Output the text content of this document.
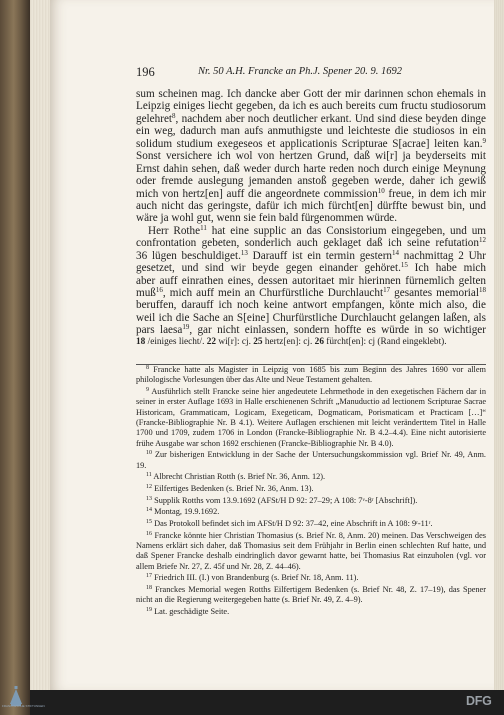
196	Nr. 50 A.H. Francke an Ph.J. Spener 20. 9. 1692
sum scheinen mag. Ich dancke aber Gott der mir darinnen schon ehemals in
Leipzig einiges liecht gegeben, da ich es auch bereits cum fructu studiosorum
gelehret$^8$, nachdem aber noch deutlicher erkant. Und sind diese beyden dinge
ein weg, dadurch man aufs anmuthigste und leichteste die studiosos in ein
solidum studium exegeseos et applicationis Scripturae S[acrae] leiten kan.$^9$
Sonst versichere ich wol von hertzen Grund, daß wi[r] ja beyderseits mit
Ernst dahin sehen, daß weder durch harte reden noch durch einige Meynung
oder fremde auslegung jemanden anstoß gegeben werde, daher ich gewiß
mich von hertz[en] auff die angeordnete commission$^{10}$ freue, in dem ich mir
auch nicht das geringste, dafür ich mich fürcht[en] dürffte bewust bin, und
wäre ja wohl gut, wenn sie fein bald fürgenommen würde.
Herr Rothe$^{11}$ hat eine supplic an das Consistorium eingegeben, und um
confrontation gebeten, sonderlich auch geklaget daß ich seine refutation$^{12}$
36 lügen beschuldiget.$^{13}$ Darauff ist ein termin gestern$^{14}$ nachmittag 2 Uhr
gesetzet, und sind wir beyde gegen einander gehöret.$^{15}$ Ich habe mich
aber auff einrathen eines, dessen autoritaet mir hierinnen fürnemlich gelten
muß$^{16}$, mich auff mein an Churfürstliche Durchlaucht$^{17}$ gesantes memorial$^{18}$
beruffen, darauff ich noch keine antwort empfangen, könte mich also, die
weil ich die Sache an S[eine] Churfürstliche Durchlaucht gelangen laßen, als
pars laesa$^{19}$, gar nicht einlassen, sondern hoffte es würde in so wichtiger
18 /einiges liecht/. 22 wi[r]: cj. 25 hertz[en]: cj. 26 fürcht[en]: cj (Rand eingeklebt).
$^8$ Francke hatte als Magister in Leipzig von 1685 bis zum Beginn des Jahres 1690 vor allem philologische Vorlesungen über das Alte und Neue Testament gehalten.
$^9$ Ausführlich stellt Francke seine hier angedeutete Lehrmethode in den exegetischen Fächern dar in seiner in erster Auflage 1693 in Halle erschienenen Schrift „Manuductio ad lectionem Scripturae Sacrae Historicam, Grammaticam, Logicam, Exegeticam, Dogmaticam, Porismaticam et Practicam […]“ (Francke-Bibliographie Nr. B 4.1). Weitere Auflagen erschienen mit leicht veränderttem Titel in Halle 1700 und 1709, zudem 1706 in London (Francke-Bibliographie Nr. B 4.2–4.4). Eine nicht autorisierte frühe Ausgabe war schon 1692 erschienen (Francke-Bibliographie Nr. B 4.0).
$^{10}$ Zur bisherigen Entwicklung in der Sache der Untersuchungskommission vgl. Brief Nr. 49, Anm. 19.
$^{11}$ Albrecht Christian Rotth (s. Brief Nr. 36, Anm. 12).
$^{12}$ Eilfertiges Bedenken (s. Brief Nr. 36, Anm. 13).
$^{13}$ Supplik Rotths vom 13.9.1692 (AFSt/H D 92: 27–29; A 108: 7ᵛ-8ʳ [Abschrift]).
$^{14}$ Montag, 19.9.1692.
$^{15}$ Das Protokoll befindet sich im AFSt/H D 92: 37–42, eine Abschrift in A 108: 9ʳ-11ʳ.
$^{16}$ Francke könnte hier Christian Thomasius (s. Brief Nr. 8, Anm. 20) meinen. Das Verschweigen des Namens erklärt sich daher, daß Thomasius seit dem Frühjahr in Berlin einen schlechten Ruf hatte, und daß Spener Francke deshalb eindringlich davor gewarnt hatte, bei Thomasius Rat einzuholen (vgl. vor allem Briefe Nr. 27, Z. 45f und Nr. 28, Z. 44–46).
$^{17}$ Friedrich III. (I.) von Brandenburg (s. Brief Nr. 18, Anm. 11).
$^{18}$ Franckes Memorial wegen Rotths Eilfertigem Bedenken (s. Brief Nr. 48, Z. 17–19), das Spener nicht an die Regierung weitergegeben hatte (s. Brief Nr. 49, Z. 4–9).
$^{19}$ Lat. geschädigte Seite.
FRANCKESCHE STIFTUNGEN	DFG
